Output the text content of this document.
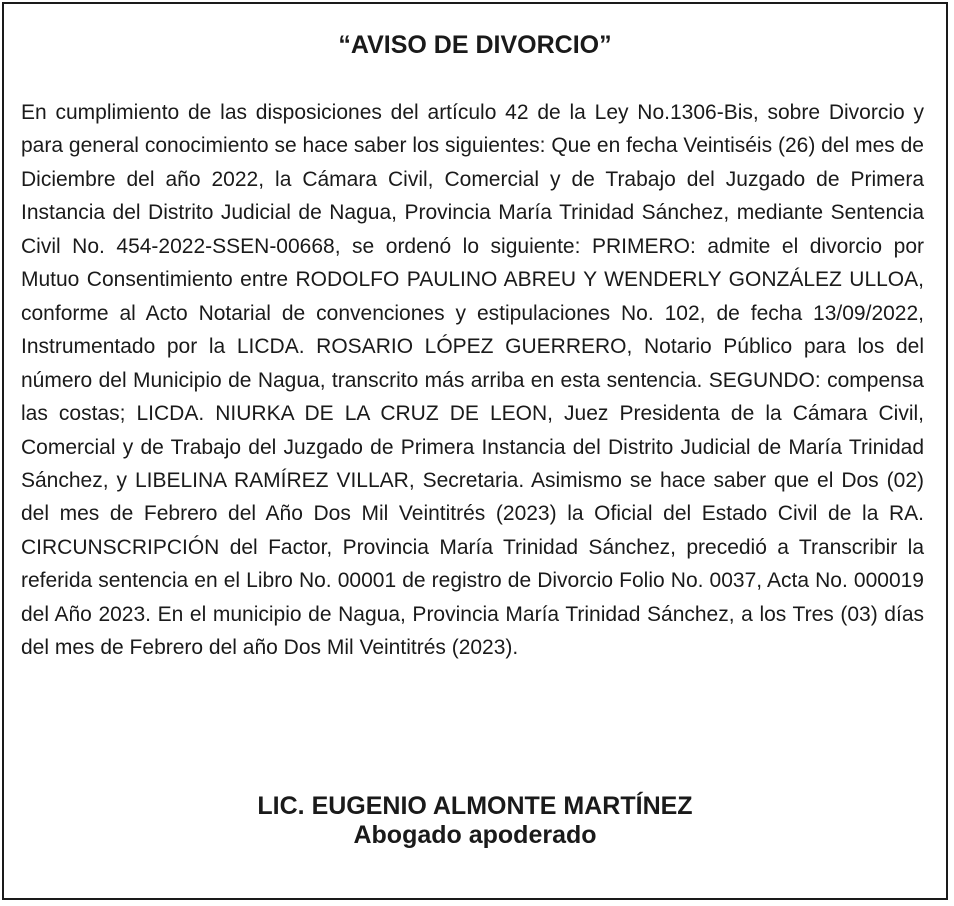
“AVISO DE DIVORCIO”

En cumplimiento de las disposiciones del artículo 42 de la Ley No.1306-Bis, sobre Divorcio y para general conocimiento se hace saber los siguientes: Que en fecha Veintiséis (26) del mes de Diciembre del año 2022, la Cámara Civil, Comercial y de Trabajo del Juzgado de Primera Instancia del Distrito Judicial de Nagua, Provincia María Trinidad Sánchez, mediante Sentencia Civil No. 454-2022-SSEN-00668, se ordenó lo siguiente: PRIMERO: admite el divorcio por Mutuo Consentimiento entre RODOLFO PAULINO ABREU Y WENDERLY GONZÁLEZ ULLOA, conforme al Acto Notarial de convenciones y estipulaciones No. 102, de fecha 13/09/2022, Instrumentado por la LICDA. ROSARIO LÓPEZ GUERRERO, Notario Público para los del número del Municipio de Nagua, transcrito más arriba en esta sentencia. SEGUNDO: compensa las costas; LICDA. NIURKA DE LA CRUZ DE LEON, Juez Presidenta de la Cámara Civil, Comercial y de Trabajo del Juzgado de Primera Instancia del Distrito Judicial de María Trinidad Sánchez, y LIBELINA RAMÍREZ VILLAR, Secretaria. Asimismo se hace saber que el Dos (02) del mes de Febrero del Año Dos Mil Veintitrés (2023) la Oficial del Estado Civil de la RA. CIRCUNSCRIPCIÓN del Factor, Provincia María Trinidad Sánchez, precedió a Transcribir la referida sentencia en el Libro No. 00001 de registro de Divorcio Folio No. 0037, Acta No. 000019 del Año 2023. En el municipio de Nagua, Provincia María Trinidad Sánchez, a los Tres (03) días del mes de Febrero del año Dos Mil Veintitrés (2023).

LIC. EUGENIO ALMONTE MARTÍNEZ
Abogado apoderado
